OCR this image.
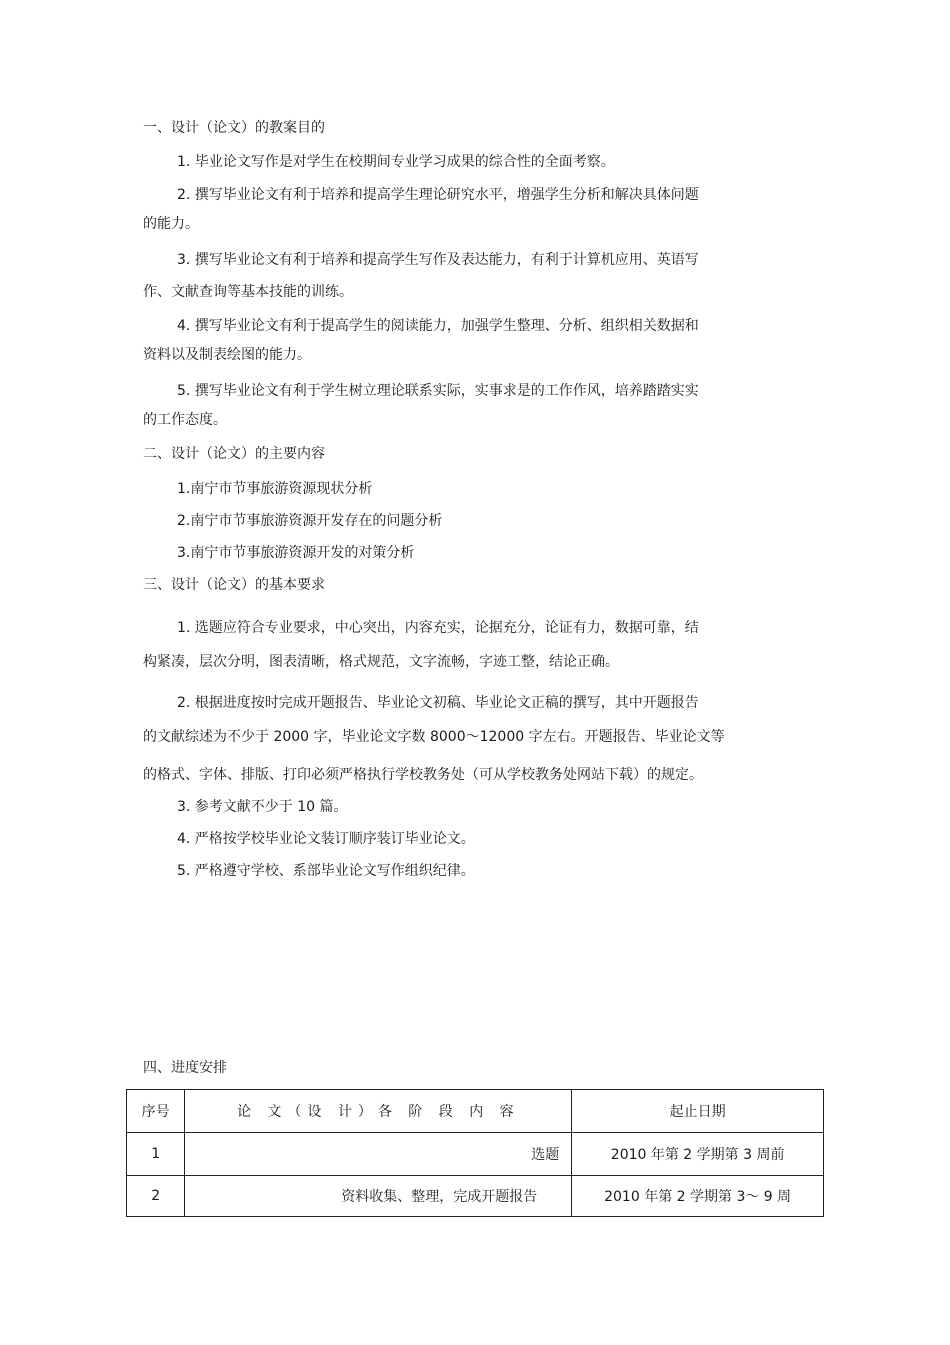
一、设计（论文）的教案目的
1. 毕业论文写作是对学生在校期间专业学习成果的综合性的全面考察。
2. 撰写毕业论文有利于培养和提高学生理论研究水平，增强学生分析和解决具体问题
的能力。
3. 撰写毕业论文有利于培养和提高学生写作及表达能力，有利于计算机应用、英语写
作、文献查询等基本技能的训练。
4. 撰写毕业论文有利于提高学生的阅读能力，加强学生整理、分析、组织相关数据和
资料以及制表绘图的能力。
5. 撰写毕业论文有利于学生树立理论联系实际，实事求是的工作作风，培养踏踏实实
的工作态度。
二、设计（论文）的主要内容
1.南宁市节事旅游资源现状分析
2.南宁市节事旅游资源开发存在的问题分析
3.南宁市节事旅游资源开发的对策分析
三、设计（论文）的基本要求
1. 选题应符合专业要求，中心突出，内容充实，论据充分，论证有力，数据可靠，结
构紧凑，层次分明，图表清晰，格式规范，文字流畅，字迹工整，结论正确。
2. 根据进度按时完成开题报告、毕业论文初稿、毕业论文正稿的撰写，其中开题报告
的文献综述为不少于 2000 字，毕业论文字数 8000～12000 字左右。开题报告、毕业论文等
的格式、字体、排版、打印必须严格执行学校教务处（可从学校教务处网站下载）的规定。
3. 参考文献不少于 10 篇。
4. 严格按学校毕业论文装订顺序装订毕业论文。
5. 严格遵守学校、系部毕业论文写作组织纪律。
四、进度安排
序号	论 文（设 计）各 阶 段 内 容	起止日期
1	选题	2010 年第 2 学期第 3 周前
2	资料收集、整理，完成开题报告	2010 年第 2 学期第 3～ 9 周
